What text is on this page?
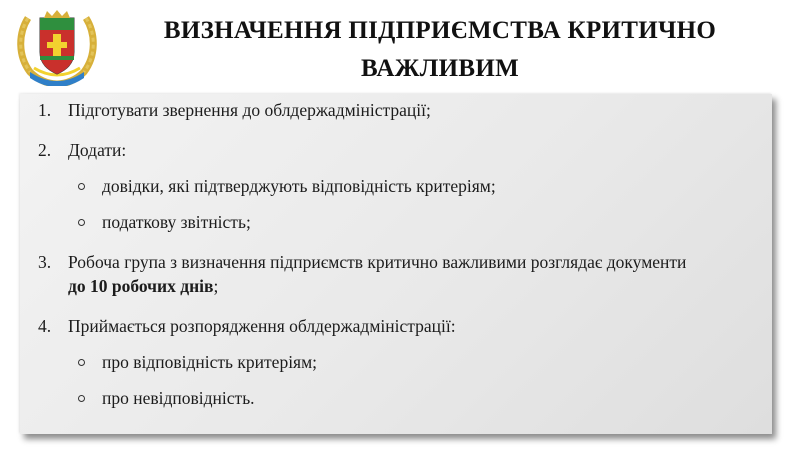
ВИЗНАЧЕННЯ ПІДПРИЄМСТВА КРИТИЧНО
ВАЖЛИВИМ
1. Підготувати звернення до облдержадміністрації;
2. Додати:
довідки, які підтверджують відповідність критеріям;
податкову звітність;
3. Робоча група з визначення підприємств критично важливими розглядає документи
до 10 робочих днів;
4. Приймається розпорядження облдержадміністрації:
про відповідність критеріям;
про невідповідність.
